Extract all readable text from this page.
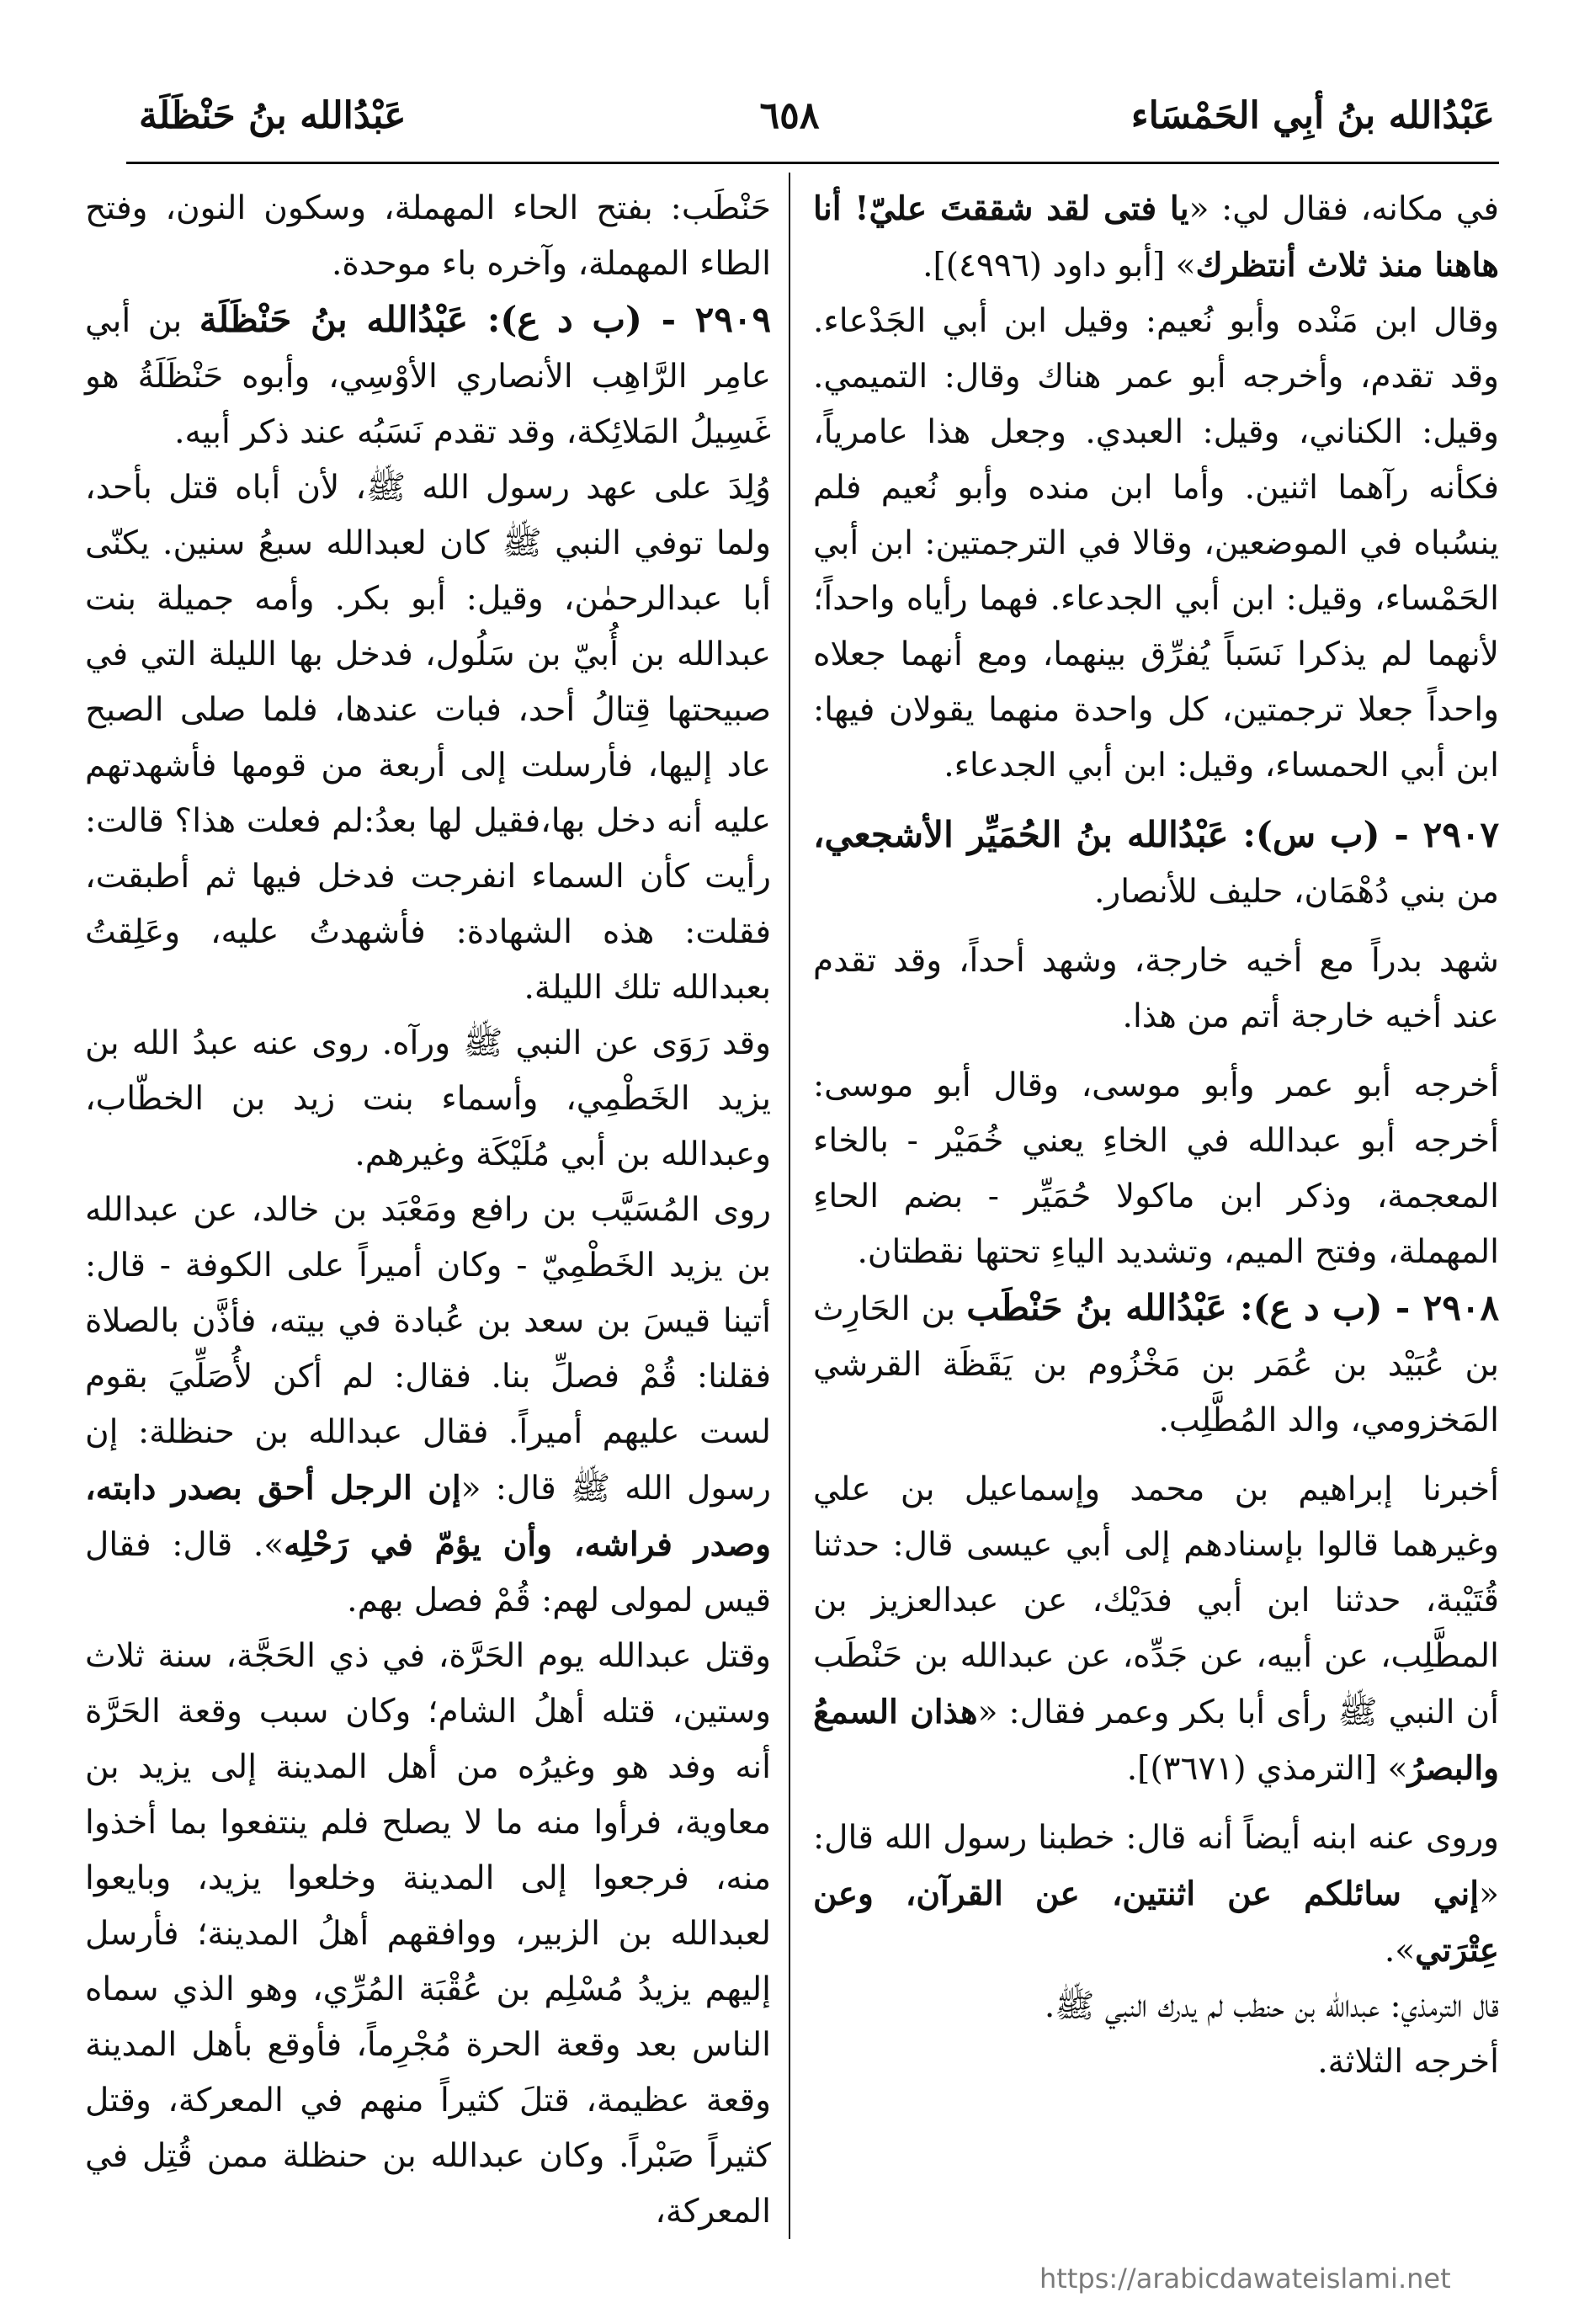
عَبْدُالله بنُ أبِي الحَمْسَاء
٦٥٨
عَبْدُالله بنُ حَنْظَلَة

في مكانه، فقال لي: «يا فتى لقد شققتَ عليّ! أنا هاهنا منذ ثلاث أنتظرك» [أبو داود (٤٩٩٦)].

وقال ابن مَنْده وأبو نُعيم: وقيل ابن أبي الجَدْعاء. وقد تقدم، وأخرجه أبو عمر هناك وقال: التميمي. وقيل: الكناني، وقيل: العبدي. وجعل هذا عامرياً، فكأنه رآهما اثنين. وأما ابن منده وأبو نُعيم فلم ينسُباه في الموضعين، وقالا في الترجمتين: ابن أبي الحَمْساء، وقيل: ابن أبي الجدعاء. فهما رأياه واحداً؛ لأنهما لم يذكرا نَسَباً يُفرِّق بينهما، ومع أنهما جعلاه واحداً جعلا ترجمتين، كل واحدة منهما يقولان فيها: ابن أبي الحمساء، وقيل: ابن أبي الجدعاء.

٢٩٠٧ - (ب س): عَبْدُالله بنُ الحُمَيِّر الأشجعي، من بني دُهْمَان، حليف للأنصار.

شهد بدراً مع أخيه خارجة، وشهد أحداً، وقد تقدم عند أخيه خارجة أتم من هذا.

أخرجه أبو عمر وأبو موسى، وقال أبو موسى: أخرجه أبو عبدالله في الخاءِ يعني خُمَيْر - بالخاء المعجمة، وذكر ابن ماكولا حُمَيِّر - بضم الحاءِ المهملة، وفتح الميم، وتشديد الياءِ تحتها نقطتان.

٢٩٠٨ - (ب د ع): عَبْدُالله بنُ حَنْطَب بن الحَارِث بن عُبَيْد بن عُمَر بن مَخْزُوم بن يَقَظَة القرشي المَخزومي، والد المُطَّلِب.

أخبرنا إبراهيم بن محمد وإسماعيل بن علي وغيرهما قالوا بإسنادهم إلى أبي عيسى قال: حدثنا قُتَيْبة، حدثنا ابن أبي فدَيْك، عن عبدالعزيز بن المطَّلِب، عن أبيه، عن جَدِّه، عن عبدالله بن حَنْطَب أن النبي ﷺ رأى أبا بكر وعمر فقال: «هذان السمعُ والبصرُ» [الترمذي (٣٦٧١)].

وروى عنه ابنه أيضاً أنه قال: خطبنا رسول الله قال: «إني سائلكم عن اثنتين، عن القرآن، وعن عِتْرَتي».

قال الترمذي: عبدالله بن حنطب لم يدرك النبي ﷺ.

أخرجه الثلاثة.

حَنْطَب: بفتح الحاء المهملة، وسكون النون، وفتح الطاء المهملة، وآخره باء موحدة.

٢٩٠٩ - (ب د ع): عَبْدُالله بنُ حَنْظَلَة بن أبي عامِر الرَّاهِب الأنصاري الأوْسِي، وأبوه حَنْظَلَةُ هو غَسِيلُ المَلائِكة، وقد تقدم نَسَبُه عند ذكر أبيه.

وُلِدَ على عهد رسول الله ﷺ، لأن أباه قتل بأحد، ولما توفي النبي ﷺ كان لعبدالله سبعُ سنين. يكنّى أبا عبدالرحمٰن، وقيل: أبو بكر. وأمه جميلة بنت عبدالله بن أُبيّ بن سَلُول، فدخل بها الليلة التي في صبيحتها قِتالُ أحد، فبات عندها، فلما صلى الصبح عاد إليها، فأرسلت إلى أربعة من قومها فأشهدتهم عليه أنه دخل بها،فقيل لها بعدُ:لم فعلت هذا؟ قالت: رأيت كأن السماء انفرجت فدخل فيها ثم أطبقت، فقلت: هذه الشهادة: فأشهدتُ عليه، وعَلِقتُ بعبدالله تلك الليلة.

وقد رَوَى عن النبي ﷺ ورآه. روى عنه عبدُ الله بن يزيد الخَطْمِي، وأسماء بنت زيد بن الخطّاب، وعبدالله بن أبي مُلَيْكَة وغيرهم.

روى المُسَيَّب بن رافع ومَعْبَد بن خالد، عن عبدالله بن يزيد الخَطْمِيّ - وكان أميراً على الكوفة - قال: أتينا قيسَ بن سعد بن عُبادة في بيته، فأذَّن بالصلاة فقلنا: قُمْ فصلِّ بنا. فقال: لم أكن لأُصَلِّيَ بقوم لست عليهم أميراً. فقال عبدالله بن حنظلة: إن رسول الله ﷺ قال: «إن الرجل أحق بصدر دابته، وصدر فراشه، وأن يؤمّ في رَحْلِه». قال: فقال قيس لمولى لهم: قُمْ فصل بهم.

وقتل عبدالله يوم الحَرَّة، في ذي الحَجَّة، سنة ثلاث وستين، قتله أهلُ الشام؛ وكان سبب وقعة الحَرَّة أنه وفد هو وغيرُه من أهل المدينة إلى يزيد بن معاوية، فرأوا منه ما لا يصلح فلم ينتفعوا بما أخذوا منه، فرجعوا إلى المدينة وخلعوا يزيد، وبايعوا لعبدالله بن الزبير، ووافقهم أهلُ المدينة؛ فأرسل إليهم يزيدُ مُسْلِم بن عُقْبَة المُرِّي، وهو الذي سماه الناس بعد وقعة الحرة مُجْرِماً، فأوقع بأهل المدينة وقعة عظيمة، قتلَ كثيراً منهم في المعركة، وقتل كثيراً صَبْراً. وكان عبدالله بن حنظلة ممن قُتِل في المعركة،

https://arabicdawateislami.net
